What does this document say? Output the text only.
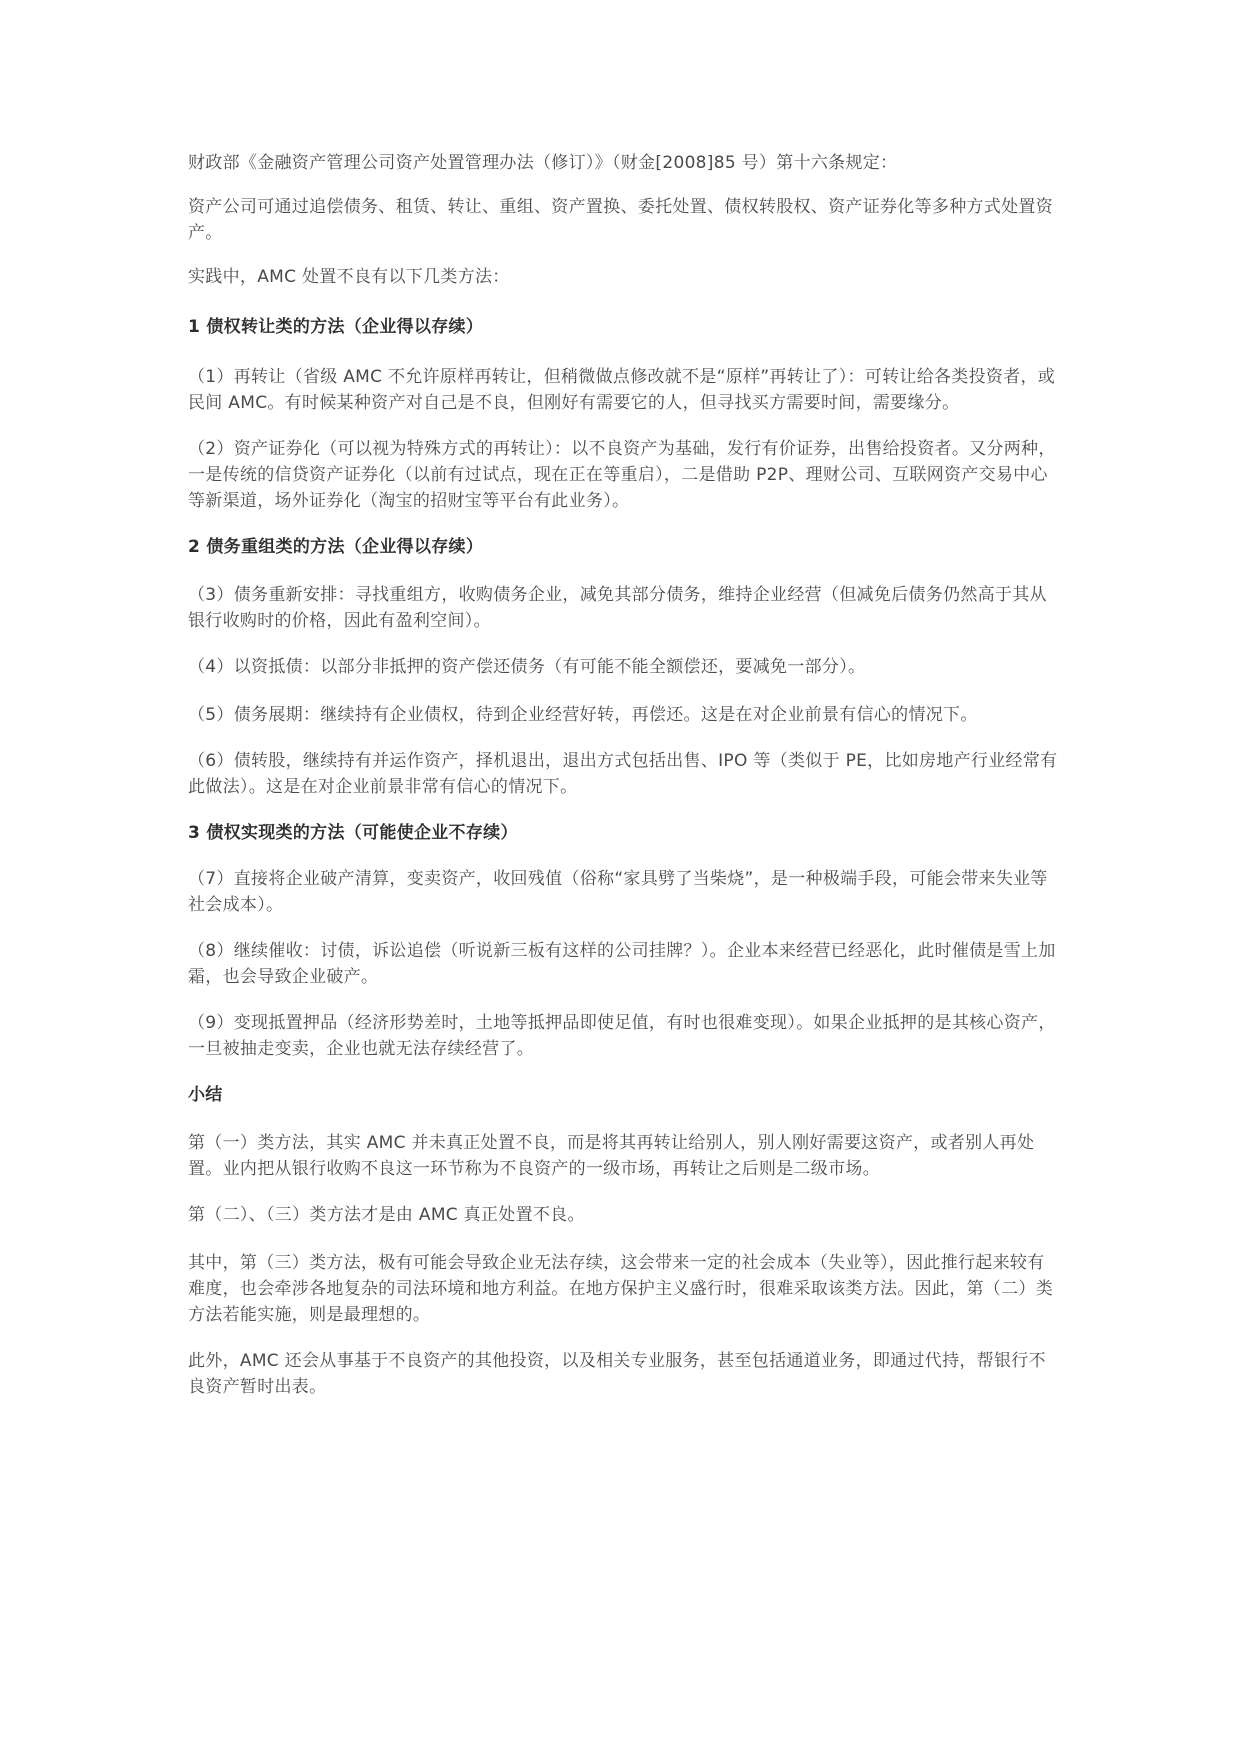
财政部《金融资产管理公司资产处置管理办法（修订）》（财金[2008]85 号）第十六条规定：

资产公司可通过追偿债务、租赁、转让、重组、资产置换、委托处置、债权转股权、资产证券化等多种方式处置资产。

实践中，AMC 处置不良有以下几类方法：

1 债权转让类的方法（企业得以存续）

（1）再转让（省级 AMC 不允许原样再转让，但稍微做点修改就不是“原样”再转让了）：可转让给各类投资者，或民间 AMC。有时候某种资产对自己是不良，但刚好有需要它的人，但寻找买方需要时间，需要缘分。

（2）资产证券化（可以视为特殊方式的再转让）：以不良资产为基础，发行有价证券，出售给投资者。又分两种，一是传统的信贷资产证券化（以前有过试点，现在正在等重启），二是借助 P2P、理财公司、互联网资产交易中心等新渠道，场外证券化（淘宝的招财宝等平台有此业务）。

2 债务重组类的方法（企业得以存续）

（3）债务重新安排：寻找重组方，收购债务企业，减免其部分债务，维持企业经营（但减免后债务仍然高于其从银行收购时的价格，因此有盈利空间）。

（4）以资抵债：以部分非抵押的资产偿还债务（有可能不能全额偿还，要减免一部分）。

（5）债务展期：继续持有企业债权，待到企业经营好转，再偿还。这是在对企业前景有信心的情况下。

（6）债转股，继续持有并运作资产，择机退出，退出方式包括出售、IPO 等（类似于 PE，比如房地产行业经常有此做法）。这是在对企业前景非常有信心的情况下。

3 债权实现类的方法（可能使企业不存续）

（7）直接将企业破产清算，变卖资产，收回残值（俗称“家具劈了当柴烧”，是一种极端手段，可能会带来失业等社会成本）。

（8）继续催收：讨债，诉讼追偿（听说新三板有这样的公司挂牌？）。企业本来经营已经恶化，此时催债是雪上加霜，也会导致企业破产。

（9）变现抵置押品（经济形势差时，土地等抵押品即使足值，有时也很难变现）。如果企业抵押的是其核心资产，一旦被抽走变卖，企业也就无法存续经营了。

小结

第（一）类方法，其实 AMC 并未真正处置不良，而是将其再转让给别人，别人刚好需要这资产，或者别人再处置。业内把从银行收购不良这一环节称为不良资产的一级市场，再转让之后则是二级市场。

第（二）、（三）类方法才是由 AMC 真正处置不良。

其中，第（三）类方法，极有可能会导致企业无法存续，这会带来一定的社会成本（失业等），因此推行起来较有难度，也会牵涉各地复杂的司法环境和地方利益。在地方保护主义盛行时，很难采取该类方法。因此，第（二）类方法若能实施，则是最理想的。

此外，AMC 还会从事基于不良资产的其他投资，以及相关专业服务，甚至包括通道业务，即通过代持，帮银行不良资产暂时出表。
